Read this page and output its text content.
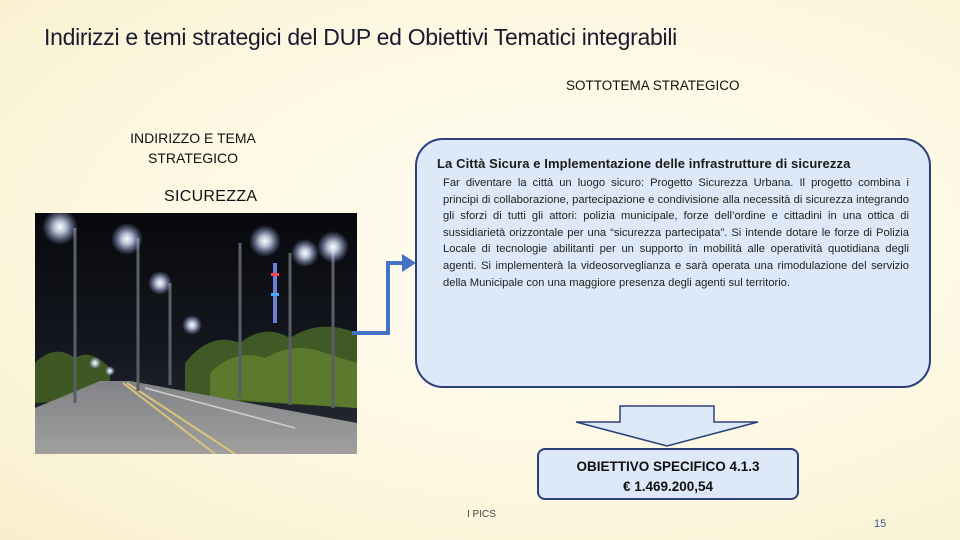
Indirizzi e temi strategici del DUP ed Obiettivi Tematici integrabili
SOTTOTEMA STRATEGICO
INDIRIZZO E TEMA
STRATEGICO
SICUREZZA

La Città Sicura e Implementazione delle infrastrutture di sicurezza

Far diventare la città un luogo sicuro: Progetto Sicurezza Urbana. Il progetto combina i principi di collaborazione, partecipazione e condivisione alla necessità di sicurezza integrando gli sforzi di tutti gli attori: polizia municipale, forze dell’ordine e cittadini in una ottica di sussidiarietà orizzontale per una “sicurezza partecipata”. Si intende dotare le forze di Polizia Locale di tecnologie abilitanti per un supporto in mobilità alle operatività quotidiana degli agenti. Si implementerà la videosorveglianza e sarà operata una rimodulazione del servizio della Municipale con una maggiore presenza degli agenti sul territorio.

OBIETTIVO SPECIFICO 4.1.3
€ 1.469.200,54
I PICS
15
